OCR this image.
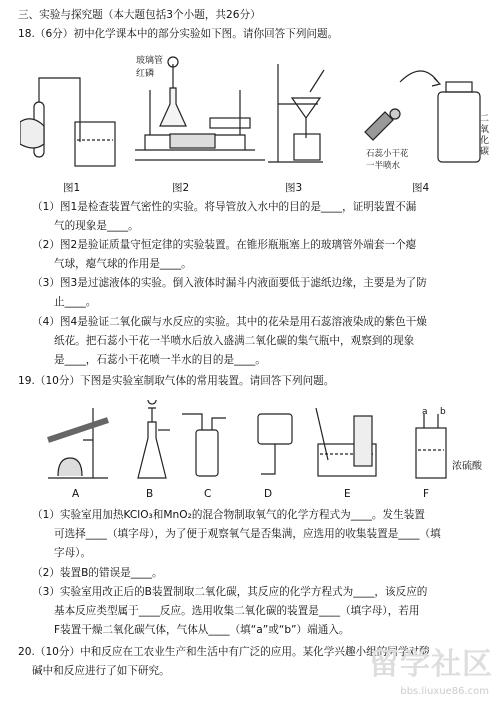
三、实验与探究题（本大题包括3个小题，共26分）
18.（6分）初中化学课本中的部分实验如下图。请你回答下列问题。
玻璃管
红磷
石蕊小干花
一半喷水
二氧化碳
图1	图2	图3	图4
（1）图1是检查装置气密性的实验。将导管放入水中的目的是____，证明装置不漏
气的现象是____。
（2）图2是验证质量守恒定律的实验装置。在锥形瓶瓶塞上的玻璃管外端套一个瘪
气球，瘪气球的作用是____。
（3）图3是过滤液体的实验。倒入液体时漏斗内液面要低于滤纸边缘，主要是为了防
止____。
（4）图4是验证二氧化碳与水反应的实验。其中的花朵是用石蕊溶液染成的紫色干燥
纸花。把石蕊小干花一半喷水后放入盛满二氧化碳的集气瓶中，观察到的现象
是____，石蕊小干花喷一半水的目的是____。
19.（10分）下图是实验室制取气体的常用装置。请回答下列问题。
a b
浓硫酸
A	B	C	D	E	F
（1）实验室用加热KClO₃和MnO₂的混合物制取氧气的化学方程式为____。发生装置
可选择____（填字母），为了便于观察氧气是否集满，应选用的收集装置是____（填
字母）。
（2）装置B的错误是____。
（3）实验室用改正后的B装置制取二氧化碳，其反应的化学方程式为____，该反应的
基本反应类型属于____反应。选用收集二氧化碳的装置是____（填字母），若用
F装置干燥二氧化碳气体，气体从____（填“a”或“b”）端通入。
20.（10分）中和反应在工农业生产和生活中有广泛的应用。某化学兴趣小组的同学对酸
碱中和反应进行了如下研究。	留学社区
bbs.liuxue86.com
